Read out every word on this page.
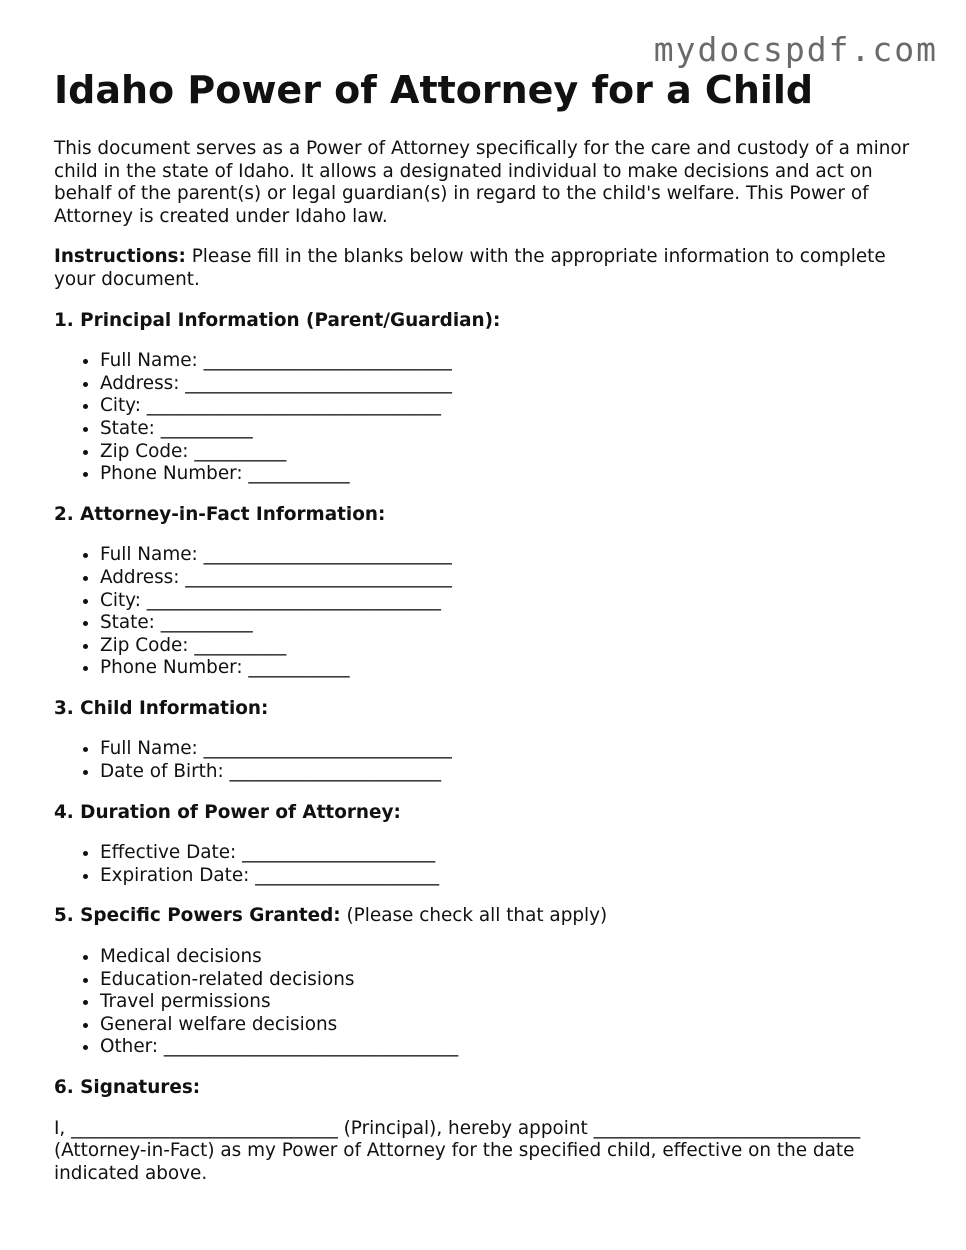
mydocspdf.com
Idaho Power of Attorney for a Child

This document serves as a Power of Attorney specifically for the care and custody of a minor child in the state of Idaho. It allows a designated individual to make decisions and act on behalf of the parent(s) or legal guardian(s) in regard to the child's welfare. This Power of Attorney is created under Idaho law.

Instructions: Please fill in the blanks below with the appropriate information to complete your document.

1. Principal Information (Parent/Guardian):
• Full Name: ___________________________
• Address: _____________________________
• City: ________________________________
• State: __________
• Zip Code: __________
• Phone Number: ___________
2. Attorney-in-Fact Information:
• Full Name: ___________________________
• Address: _____________________________
• City: ________________________________
• State: __________
• Zip Code: __________
• Phone Number: ___________
3. Child Information:
• Full Name: ___________________________
• Date of Birth: _______________________
4. Duration of Power of Attorney:
• Effective Date: _____________________
• Expiration Date: ____________________
5. Specific Powers Granted: (Please check all that apply)
• Medical decisions
• Education-related decisions
• Travel permissions
• General welfare decisions
• Other: ________________________________
6. Signatures:

I, _____________________________ (Principal), hereby appoint _____________________________ (Attorney-in-Fact) as my Power of Attorney for the specified child, effective on the date indicated above.
